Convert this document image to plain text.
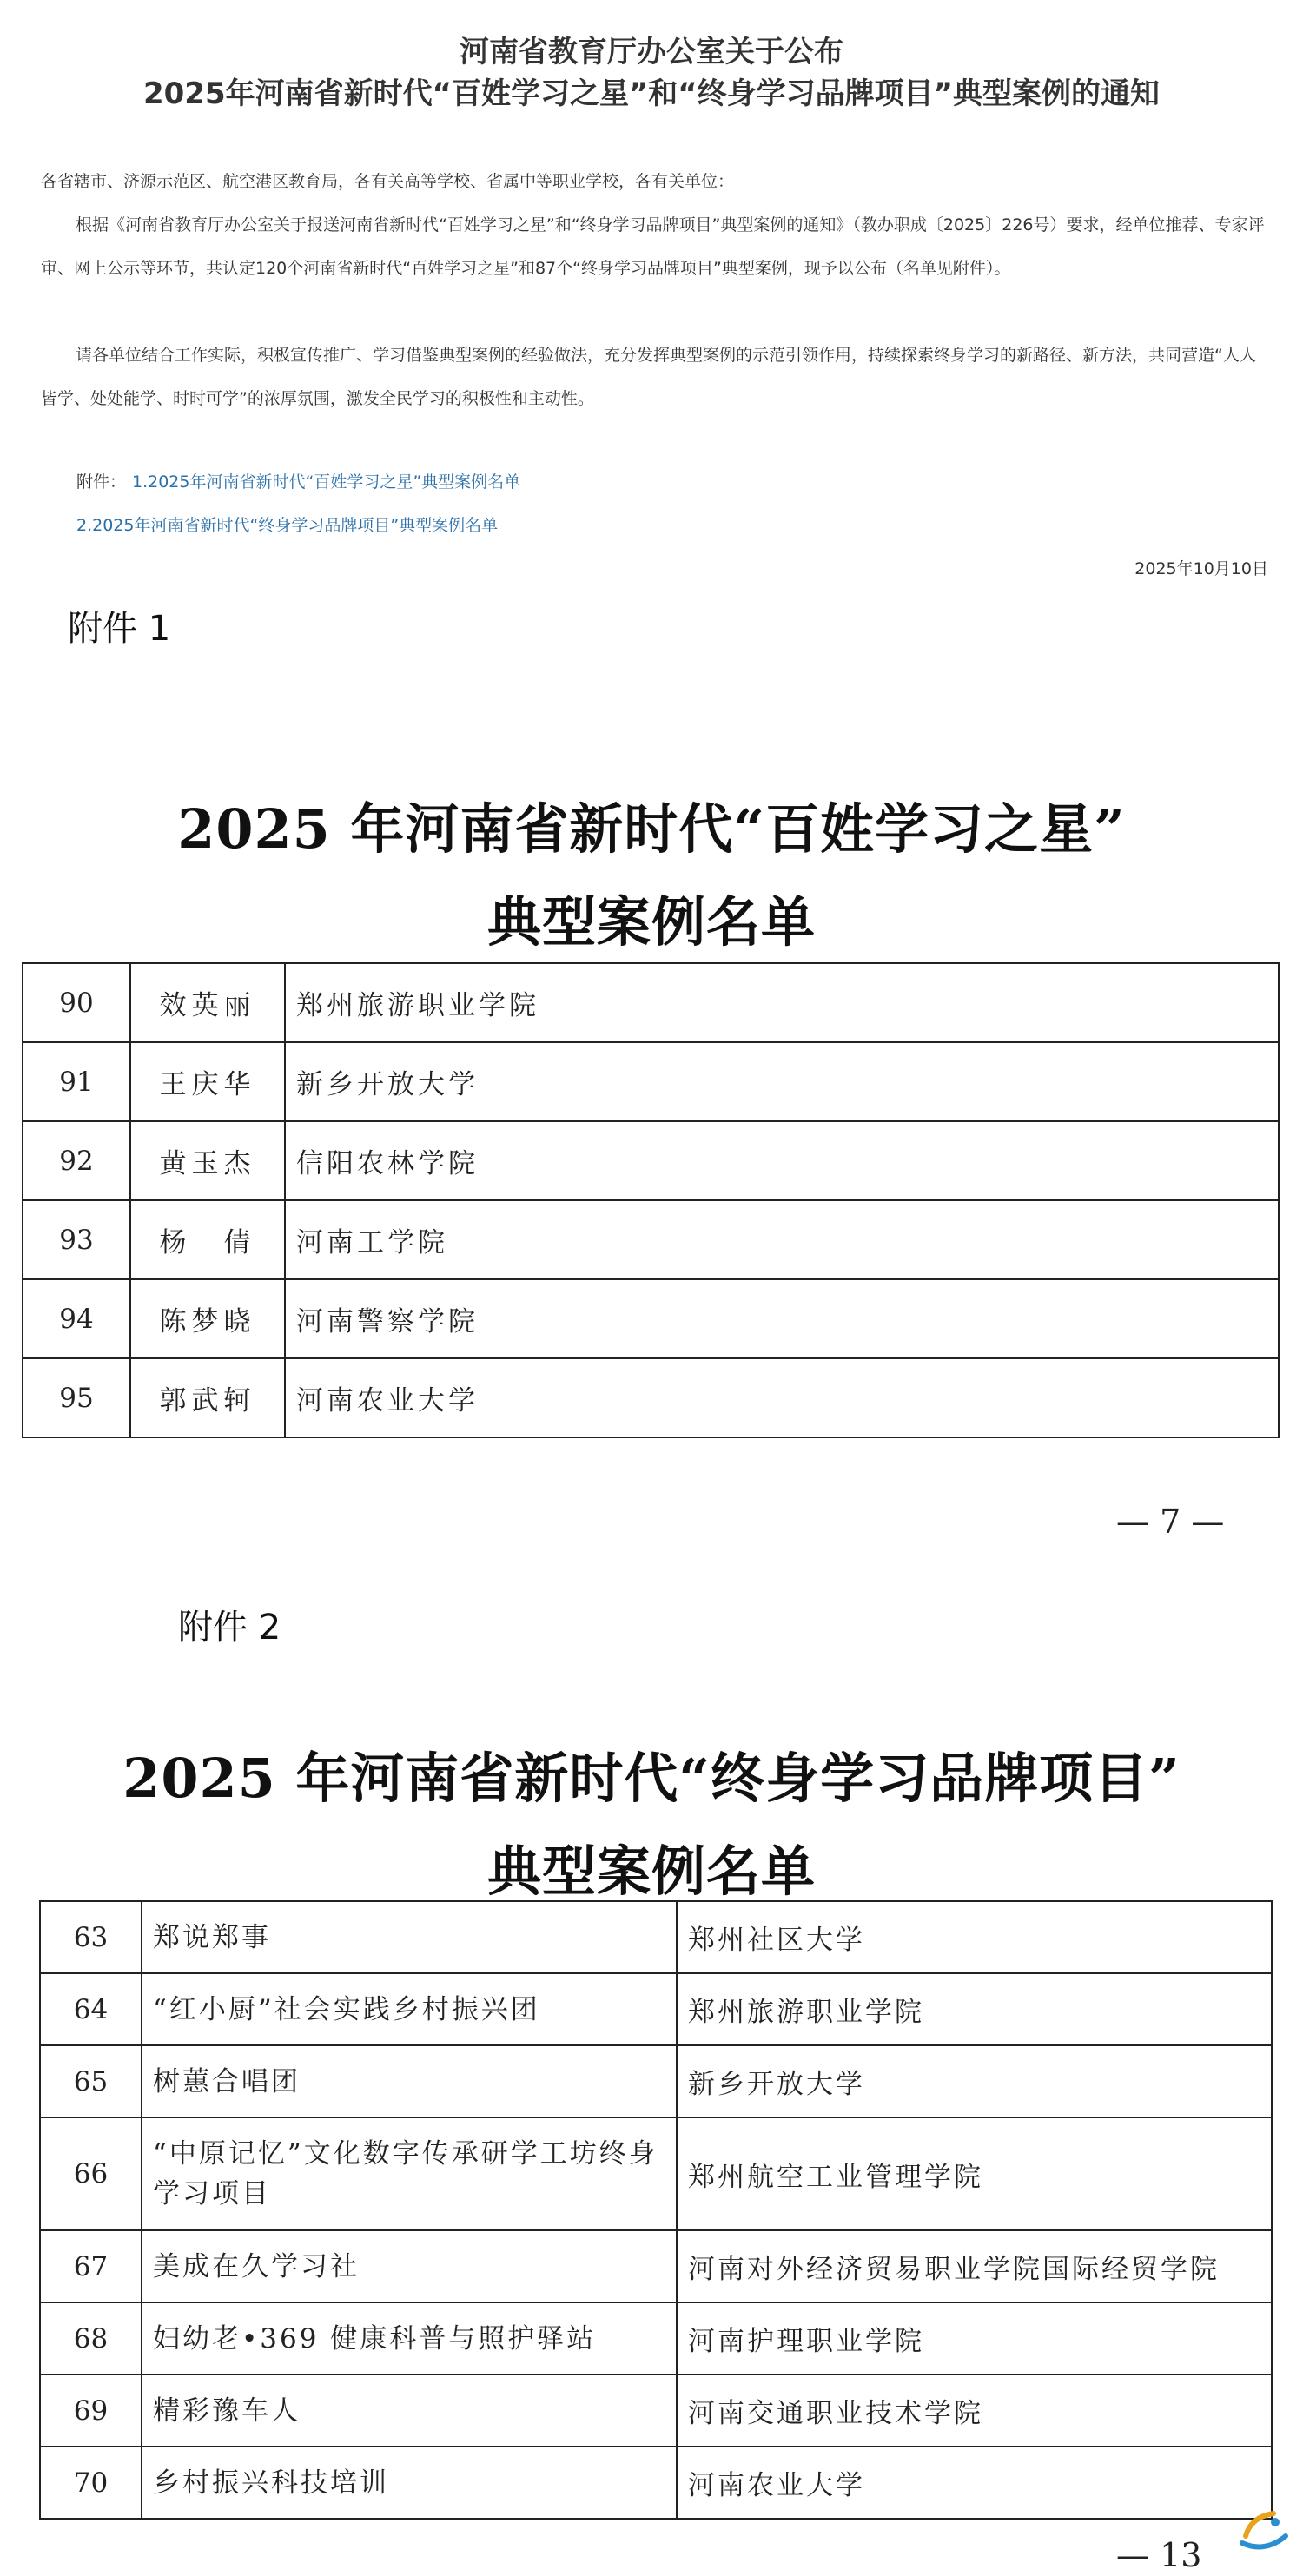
河南省教育厅办公室关于公布
2025年河南省新时代“百姓学习之星”和“终身学习品牌项目”典型案例的通知
各省辖市、济源示范区、航空港区教育局，各有关高等学校、省属中等职业学校，各有关单位：
根据《河南省教育厅办公室关于报送河南省新时代“百姓学习之星”和“终身学习品牌项目”典型案例的通知》（教办职成〔2025〕226号）要求，经单位推荐、专家评审、网上公示等环节，共认定120个河南省新时代“百姓学习之星”和87个“终身学习品牌项目”典型案例，现予以公布（名单见附件）。
请各单位结合工作实际，积极宣传推广、学习借鉴典型案例的经验做法，充分发挥典型案例的示范引领作用，持续探索终身学习的新路径、新方法，共同营造“人人皆学、处处能学、时时可学”的浓厚氛围，激发全民学习的积极性和主动性。
附件： 1.2025年河南省新时代“百姓学习之星”典型案例名单
2.2025年河南省新时代“终身学习品牌项目”典型案例名单
2025年10月10日
附件 1
2025 年河南省新时代“百姓学习之星”
典型案例名单
90	效英丽	郑州旅游职业学院
91	王庆华	新乡开放大学
92	黄玉杰	信阳农林学院
93	杨　倩	河南工学院
94	陈梦晓	河南警察学院
95	郭武轲	河南农业大学
— 7 —
附件 2
2025 年河南省新时代“终身学习品牌项目”
典型案例名单
63	郑说郑事	郑州社区大学
64	“红小厨”社会实践乡村振兴团	郑州旅游职业学院
65	树蕙合唱团	新乡开放大学
66	“中原记忆”文化数字传承研学工坊终身学习项目	郑州航空工业管理学院
67	美成在久学习社	河南对外经济贸易职业学院国际经贸学院
68	妇幼老•369 健康科普与照护驿站	河南护理职业学院
69	精彩豫车人	河南交通职业技术学院
70	乡村振兴科技培训	河南农业大学
— 13
